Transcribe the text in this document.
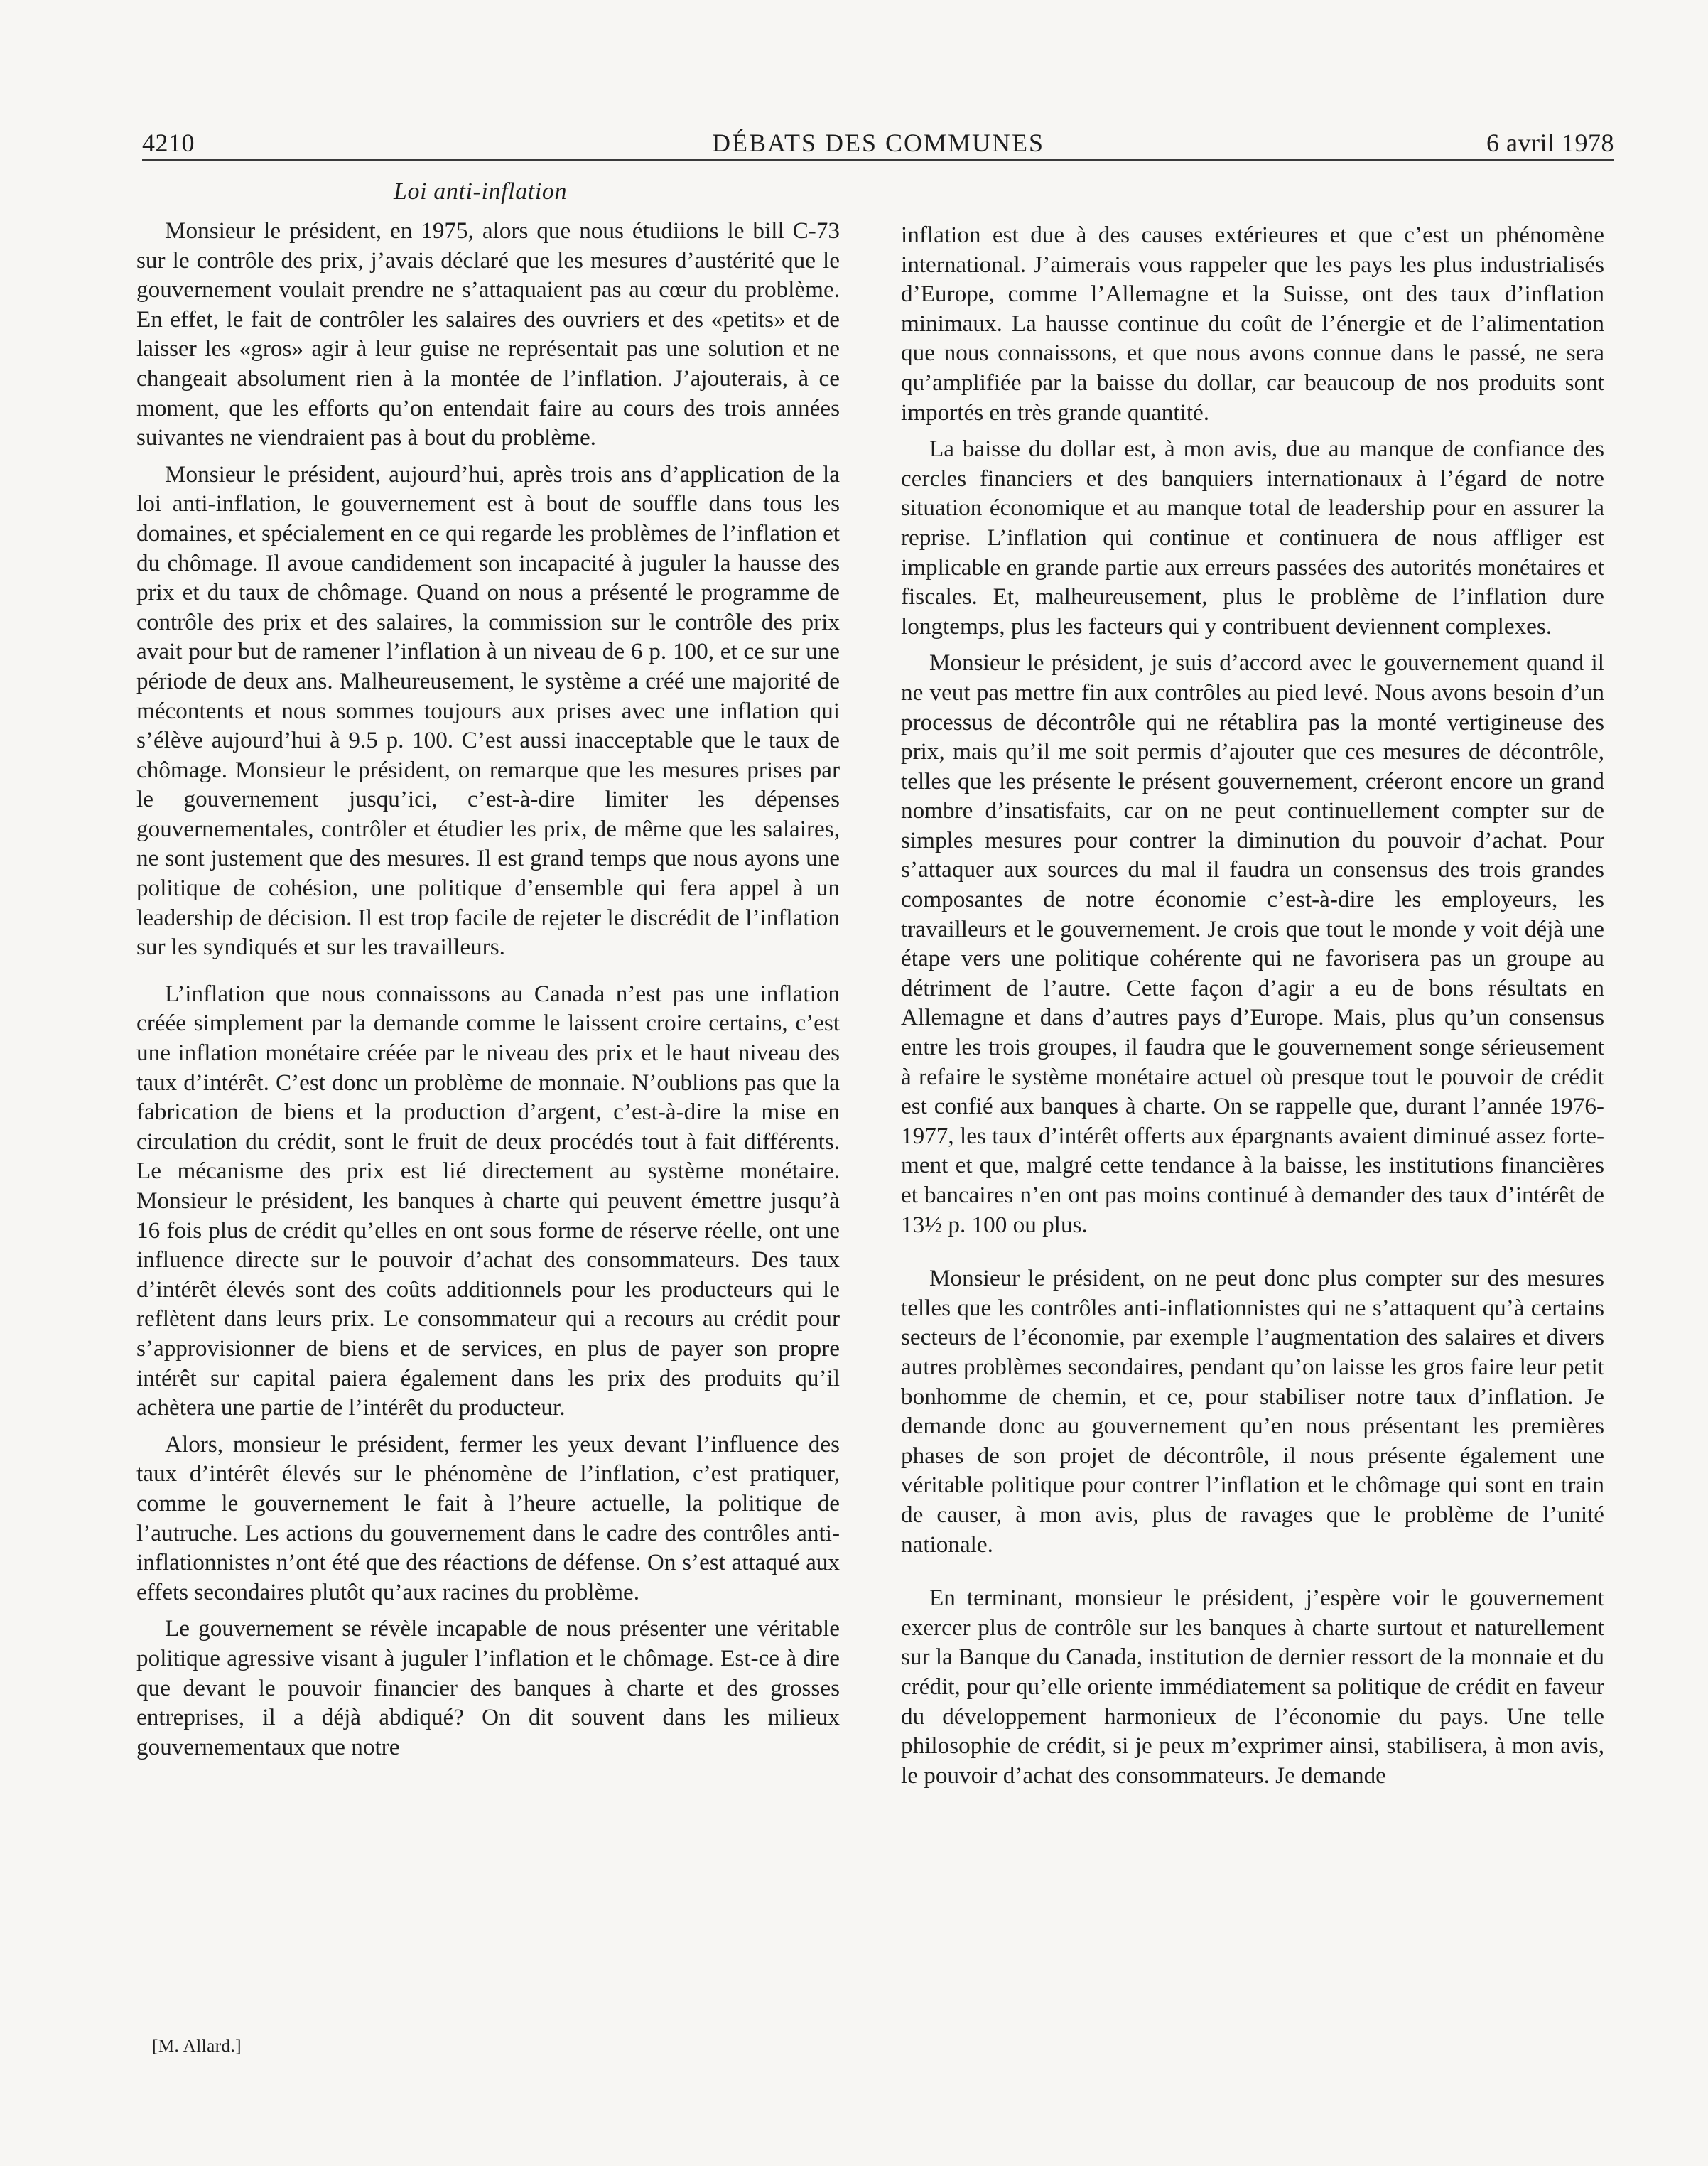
4210	DÉBATS DES COMMUNES	6 avril 1978

Loi anti-inflation

Monsieur le président, en 1975, alors que nous étudiions le bill C-73 sur le contrôle des prix, j’avais déclaré que les mesures d’austérité que le gouvernement voulait prendre ne s’attaquaient pas au cœur du problème. En effet, le fait de contrôler les salaires des ouvriers et des «petits» et de laisser les «gros» agir à leur guise ne représentait pas une solution et ne changeait absolument rien à la montée de l’inflation. J’ajouterais, à ce moment, que les efforts qu’on entendait faire au cours des trois années suivantes ne viendraient pas à bout du problème.

Monsieur le président, aujourd’hui, après trois ans d’application de la loi anti-inflation, le gouvernement est à bout de souffle dans tous les domaines, et spécialement en ce qui regarde les problèmes de l’inflation et du chômage. Il avoue candidement son incapacité à juguler la hausse des prix et du taux de chômage. Quand on nous a présenté le programme de contrôle des prix et des salaires, la commission sur le contrôle des prix avait pour but de ramener l’inflation à un niveau de 6 p. 100, et ce sur une période de deux ans. Malheureusement, le système a créé une majorité de mécontents et nous sommes toujours aux prises avec une inflation qui s’élève aujourd’hui à 9.5 p. 100. C’est aussi inacceptable que le taux de chômage. Monsieur le président, on remarque que les mesures prises par le gouvernement jusqu’ici, c’est-à-dire limiter les dépenses gouvernementales, contrôler et étudier les prix, de même que les salaires, ne sont justement que des mesures. Il est grand temps que nous ayons une politique de cohésion, une politique d’ensemble qui fera appel à un leadership de décision. Il est trop facile de rejeter le discrédit de l’inflation sur les syndiqués et sur les travailleurs.

L’inflation que nous connaissons au Canada n’est pas une inflation créée simplement par la demande comme le laissent croire certains, c’est une inflation monétaire créée par le niveau des prix et le haut niveau des taux d’intérêt. C’est donc un problème de monnaie. N’oublions pas que la fabrication de biens et la production d’argent, c’est-à-dire la mise en circulation du crédit, sont le fruit de deux procédés tout à fait différents. Le mécanisme des prix est lié directement au système monétaire. Monsieur le président, les banques à charte qui peuvent émettre jusqu’à 16 fois plus de crédit qu’elles en ont sous forme de réserve réelle, ont une influence directe sur le pouvoir d’achat des consommateurs. Des taux d’intérêt élevés sont des coûts additionnels pour les producteurs qui le reflètent dans leurs prix. Le consommateur qui a recours au crédit pour s’approvisionner de biens et de services, en plus de payer son propre intérêt sur capital paiera également dans les prix des produits qu’il achètera une partie de l’intérêt du producteur.

Alors, monsieur le président, fermer les yeux devant l’influence des taux d’intérêt élevés sur le phénomène de l’inflation, c’est pratiquer, comme le gouvernement le fait à l’heure actuelle, la politique de l’autruche. Les actions du gouvernement dans le cadre des contrôles anti-inflationnistes n’ont été que des réactions de défense. On s’est attaqué aux effets secondaires plutôt qu’aux racines du problème.

Le gouvernement se révèle incapable de nous présenter une véritable politique agressive visant à juguler l’inflation et le chômage. Est-ce à dire que devant le pouvoir financier des banques à charte et des grosses entreprises, il a déjà abdiqué? On dit souvent dans les milieux gouvernementaux que notre

inflation est due à des causes extérieures et que c’est un phénomène international. J’aimerais vous rappeler que les pays les plus industrialisés d’Europe, comme l’Allemagne et la Suisse, ont des taux d’inflation minimaux. La hausse continue du coût de l’énergie et de l’alimentation que nous connaissons, et que nous avons connue dans le passé, ne sera qu’amplifiée par la baisse du dollar, car beaucoup de nos produits sont importés en très grande quantité.

La baisse du dollar est, à mon avis, due au manque de confiance des cercles financiers et des banquiers internationaux à l’égard de notre situation économique et au manque total de leadership pour en assurer la reprise. L’inflation qui continue et continuera de nous affliger est implicable en grande partie aux erreurs passées des autorités monétaires et fiscales. Et, malheureusement, plus le problème de l’inflation dure longtemps, plus les facteurs qui y contribuent deviennent complexes.

Monsieur le président, je suis d’accord avec le gouvernement quand il ne veut pas mettre fin aux contrôles au pied levé. Nous avons besoin d’un processus de décontrôle qui ne rétablira pas la monté vertigineuse des prix, mais qu’il me soit permis d’ajouter que ces mesures de décontrôle, telles que les présente le présent gouvernement, créeront encore un grand nombre d’insatisfaits, car on ne peut continuellement compter sur de simples mesures pour contrer la diminution du pouvoir d’achat. Pour s’attaquer aux sources du mal il faudra un consensus des trois grandes composantes de notre économie c’est-à-dire les employeurs, les travailleurs et le gouvernement. Je crois que tout le monde y voit déjà une étape vers une politique cohérente qui ne favorisera pas un groupe au détriment de l’autre. Cette façon d’agir a eu de bons résultats en Allemagne et dans d’autres pays d’Europe. Mais, plus qu’un consensus entre les trois groupes, il faudra que le gouvernement songe sérieusement à refaire le système monétaire actuel où presque tout le pouvoir de crédit est confié aux banques à charte. On se rappelle que, durant l’année 1976-1977, les taux d’intérêt offerts aux épargnants avaient diminué assez fortement et que, malgré cette tendance à la baisse, les institutions financières et bancaires n’en ont pas moins continué à demander des taux d’intérêt de 13½ p. 100 ou plus.

Monsieur le président, on ne peut donc plus compter sur des mesures telles que les contrôles anti-inflationnistes qui ne s’attaquent qu’à certains secteurs de l’économie, par exemple l’augmentation des salaires et divers autres problèmes secondaires, pendant qu’on laisse les gros faire leur petit bonhomme de chemin, et ce, pour stabiliser notre taux d’inflation. Je demande donc au gouvernement qu’en nous présentant les premières phases de son projet de décontrôle, il nous présente également une véritable politique pour contrer l’inflation et le chômage qui sont en train de causer, à mon avis, plus de ravages que le problème de l’unité nationale.

En terminant, monsieur le président, j’espère voir le gouvernement exercer plus de contrôle sur les banques à charte surtout et naturellement sur la Banque du Canada, institution de dernier ressort de la monnaie et du crédit, pour qu’elle oriente immédiatement sa politique de crédit en faveur du développement harmonieux de l’économie du pays. Une telle philosophie de crédit, si je peux m’exprimer ainsi, stabilisera, à mon avis, le pouvoir d’achat des consommateurs. Je demande

[M. Allard.]
